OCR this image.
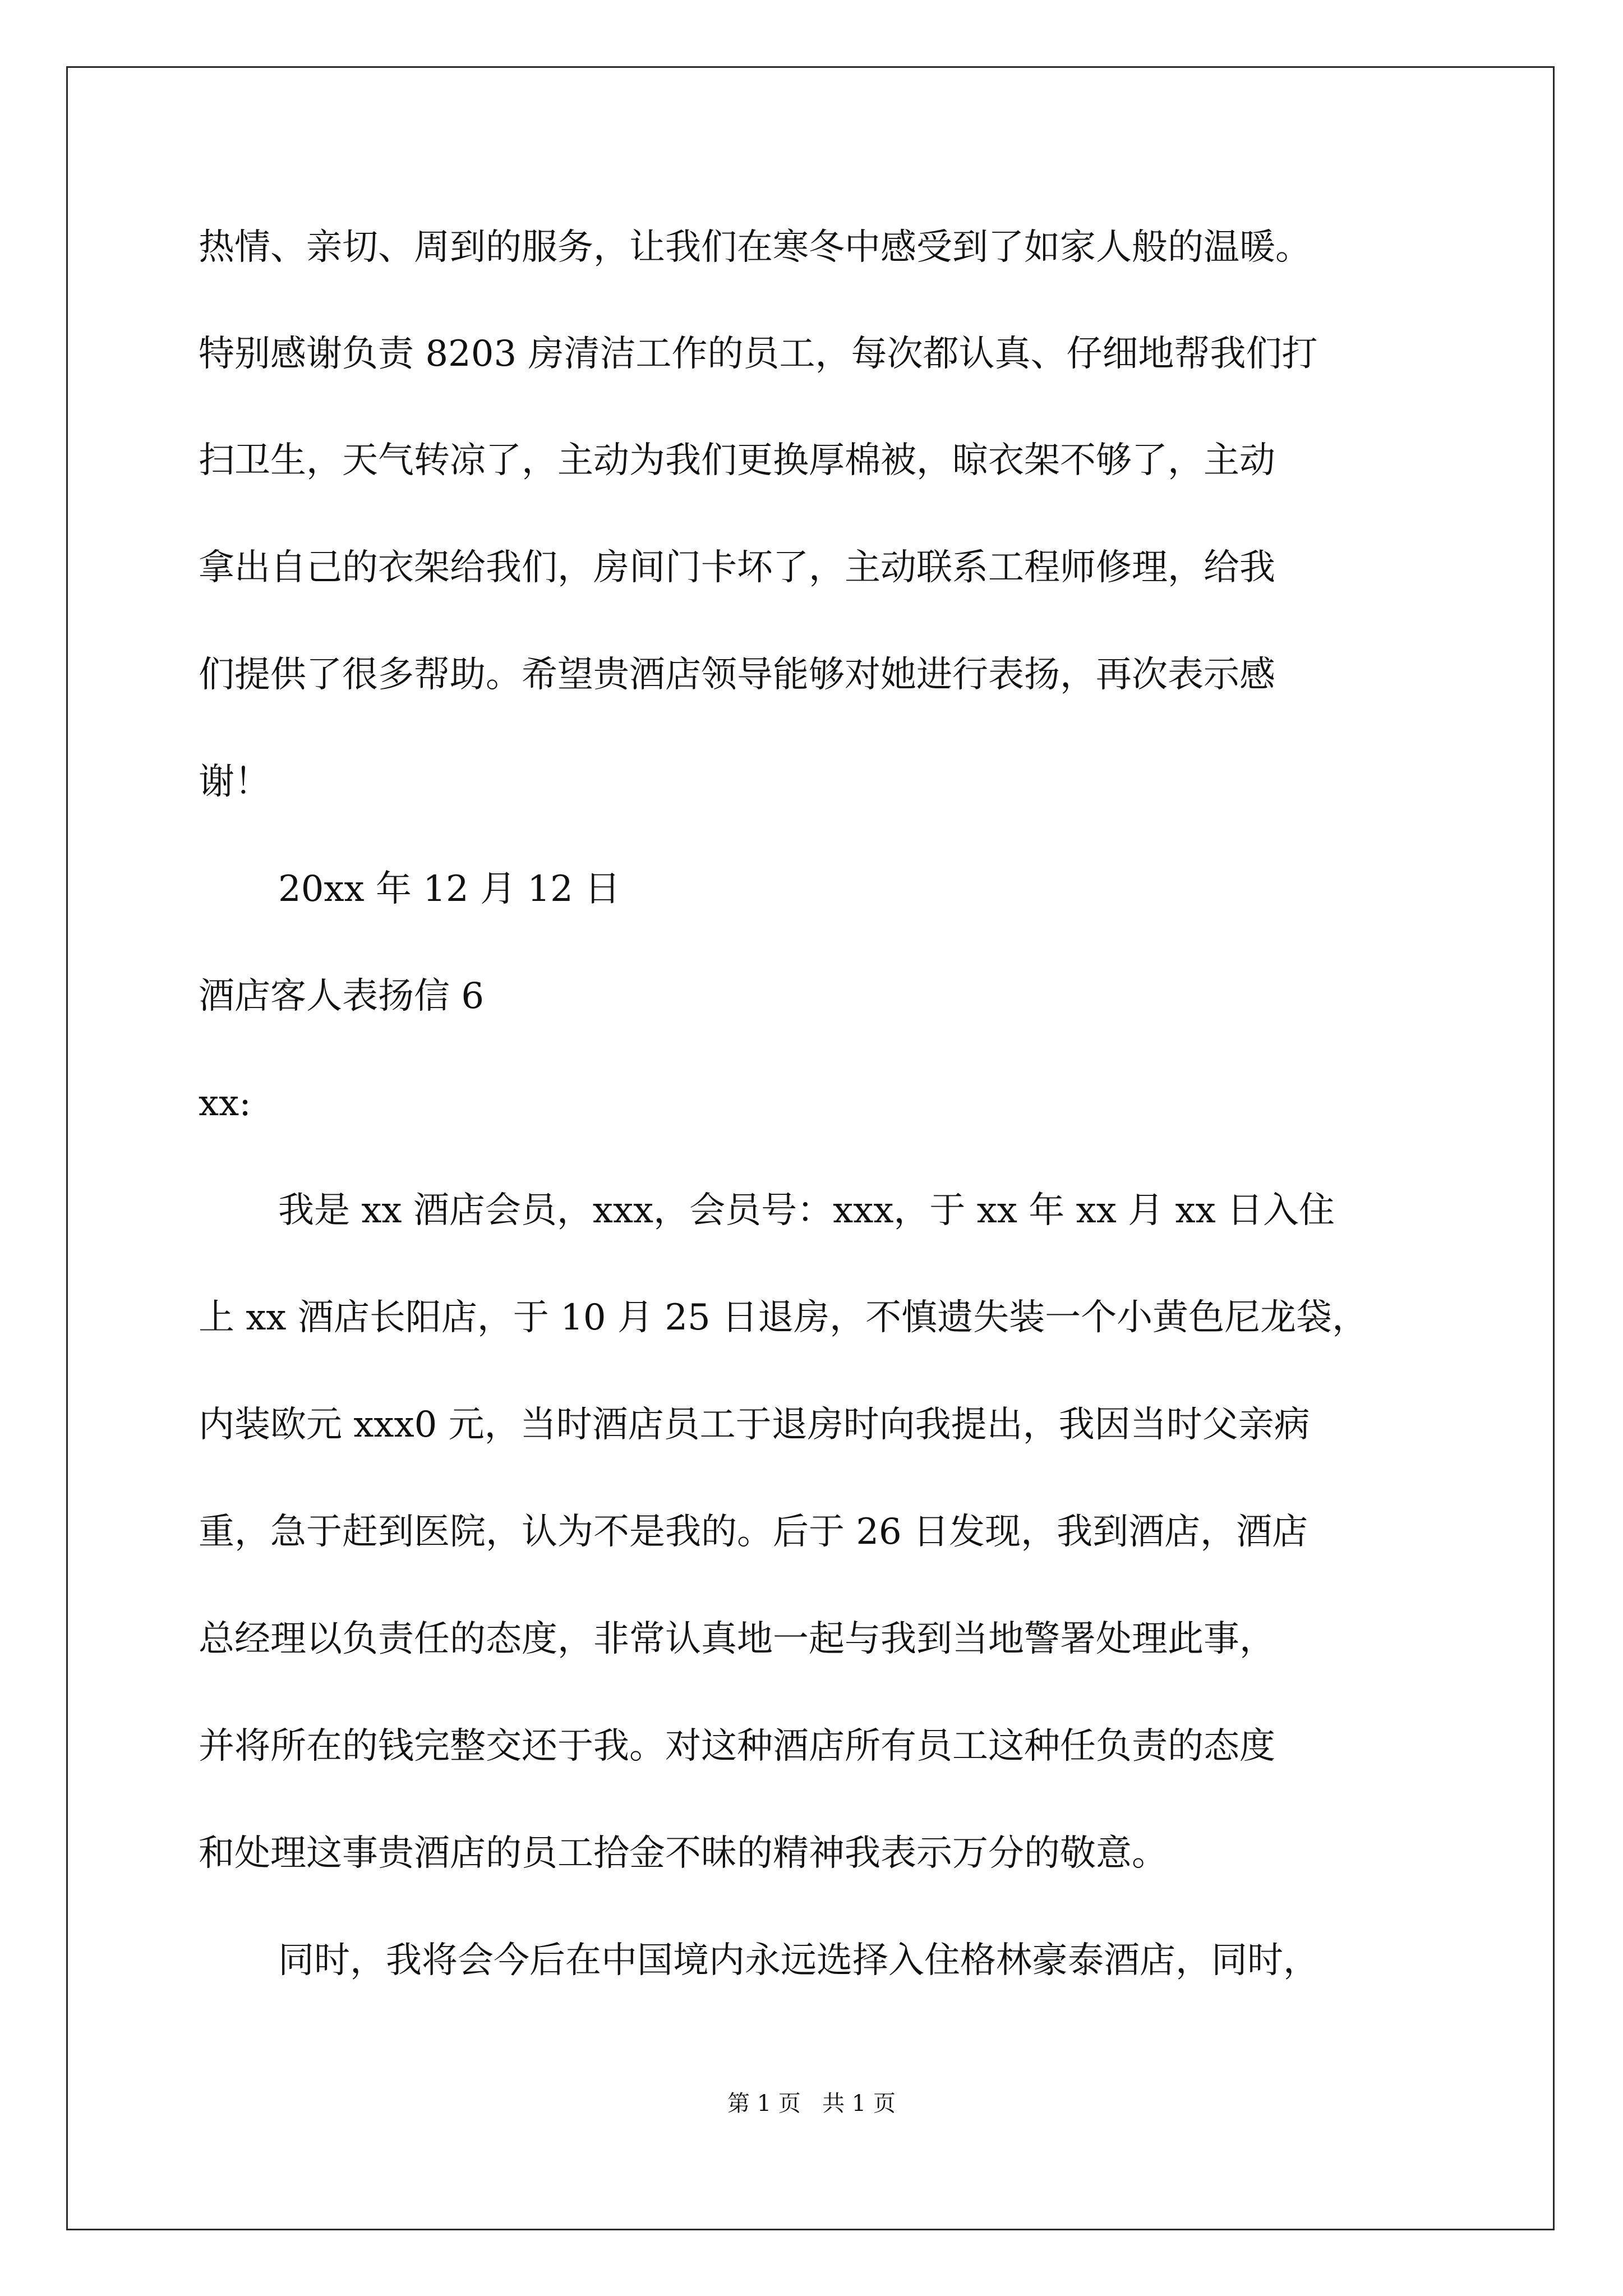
热情、亲切、周到的服务，让我们在寒冬中感受到了如家人般的温暖。
特别感谢负责 8203 房清洁工作的员工，每次都认真、仔细地帮我们打
扫卫生，天气转凉了，主动为我们更换厚棉被，晾衣架不够了，主动
拿出自己的衣架给我们，房间门卡坏了，主动联系工程师修理，给我
们提供了很多帮助。希望贵酒店领导能够对她进行表扬，再次表示感
谢！
20xx 年 12 月 12 日
酒店客人表扬信 6
xx:
我是 xx 酒店会员，xxx，会员号：xxx，于 xx 年 xx 月 xx 日入住
上 xx 酒店长阳店，于 10 月 25 日退房，不慎遗失装一个小黄色尼龙袋，
内装欧元 xxx0 元，当时酒店员工于退房时向我提出，我因当时父亲病
重，急于赶到医院，认为不是我的。后于 26 日发现，我到酒店，酒店
总经理以负责任的态度，非常认真地一起与我到当地警署处理此事，
并将所在的钱完整交还于我。对这种酒店所有员工这种任负责的态度
和处理这事贵酒店的员工拾金不昧的精神我表示万分的敬意。
同时，我将会今后在中国境内永远选择入住格林豪泰酒店，同时，
第 1 页   共 1 页
